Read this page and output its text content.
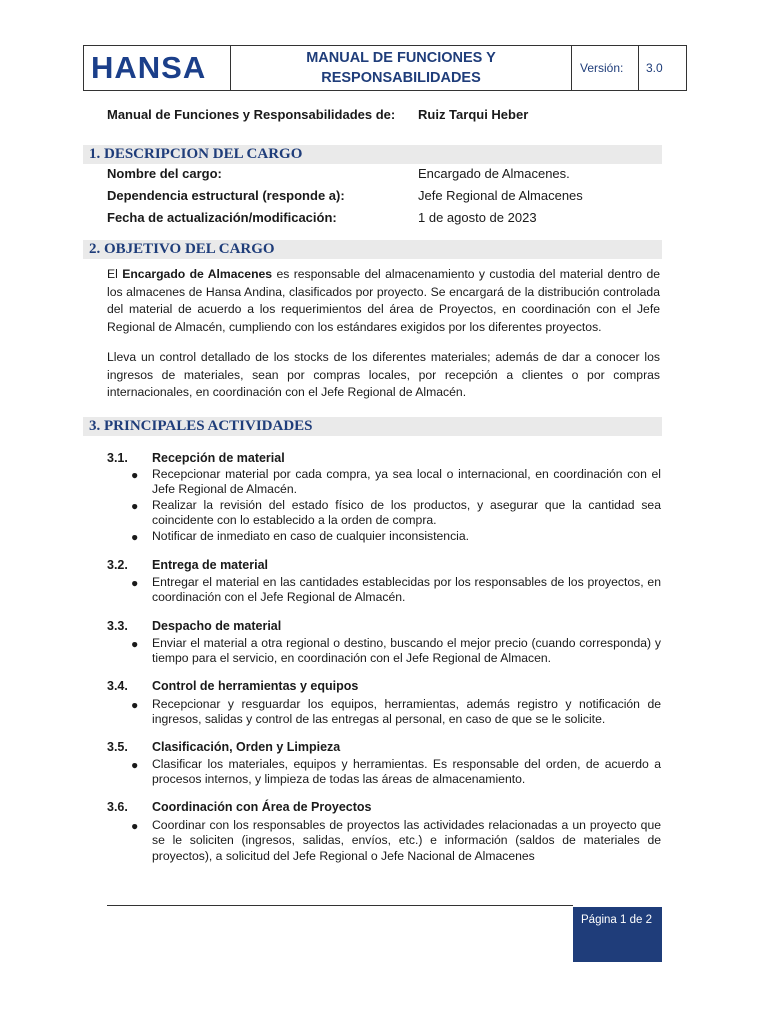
HANSA	MANUAL DE FUNCIONES Y
RESPONSABILIDADES
	Versión:	3.0
Manual de Funciones y Responsabilidades de: Ruiz Tarqui Heber
1. DESCRIPCION DEL CARGO
Nombre del cargo:	Encargado de Almacenes.
Dependencia estructural (responde a):	Jefe Regional de Almacenes
Fecha de actualización/modificación:	1 de agosto de 2023
2. OBJETIVO DEL CARGO
El Encargado de Almacenes es responsable del almacenamiento y custodia del material dentro de los almacenes de Hansa Andina, clasificados por proyecto. Se encargará de la distribución controlada del material de acuerdo a los requerimientos del área de Proyectos, en coordinación con el Jefe Regional de Almacén, cumpliendo con los estándares exigidos por los diferentes proyectos.
Lleva un control detallado de los stocks de los diferentes materiales; además de dar a conocer los ingresos de materiales, sean por compras locales, por recepción a clientes o por compras internacionales, en coordinación con el Jefe Regional de Almacén.
3. PRINCIPALES ACTIVIDADES
3.1. Recepción de material
● Recepcionar material por cada compra, ya sea local o internacional, en coordinación con el Jefe Regional de Almacén.
● Realizar la revisión del estado físico de los productos, y asegurar que la cantidad sea coincidente con lo establecido a la orden de compra.
● Notificar de inmediato en caso de cualquier inconsistencia.
3.2. Entrega de material
● Entregar el material en las cantidades establecidas por los responsables de los proyectos, en coordinación con el Jefe Regional de Almacén.
3.3. Despacho de material
● Enviar el material a otra regional o destino, buscando el mejor precio (cuando corresponda) y tiempo para el servicio, en coordinación con el Jefe Regional de Almacen.
3.4. Control de herramientas y equipos
● Recepcionar y resguardar los equipos, herramientas, además registro y notificación de ingresos, salidas y control de las entregas al personal, en caso de que se le solicite.
3.5. Clasificación, Orden y Limpieza
● Clasificar los materiales, equipos y herramientas. Es responsable del orden, de acuerdo a procesos internos, y limpieza de todas las áreas de almacenamiento.
3.6. Coordinación con Área de Proyectos
● Coordinar con los responsables de proyectos las actividades relacionadas a un proyecto que se le soliciten (ingresos, salidas, envíos, etc.) e información (saldos de materiales de proyectos), a solicitud del Jefe Regional o Jefe Nacional de Almacenes
Página 1 de 2
